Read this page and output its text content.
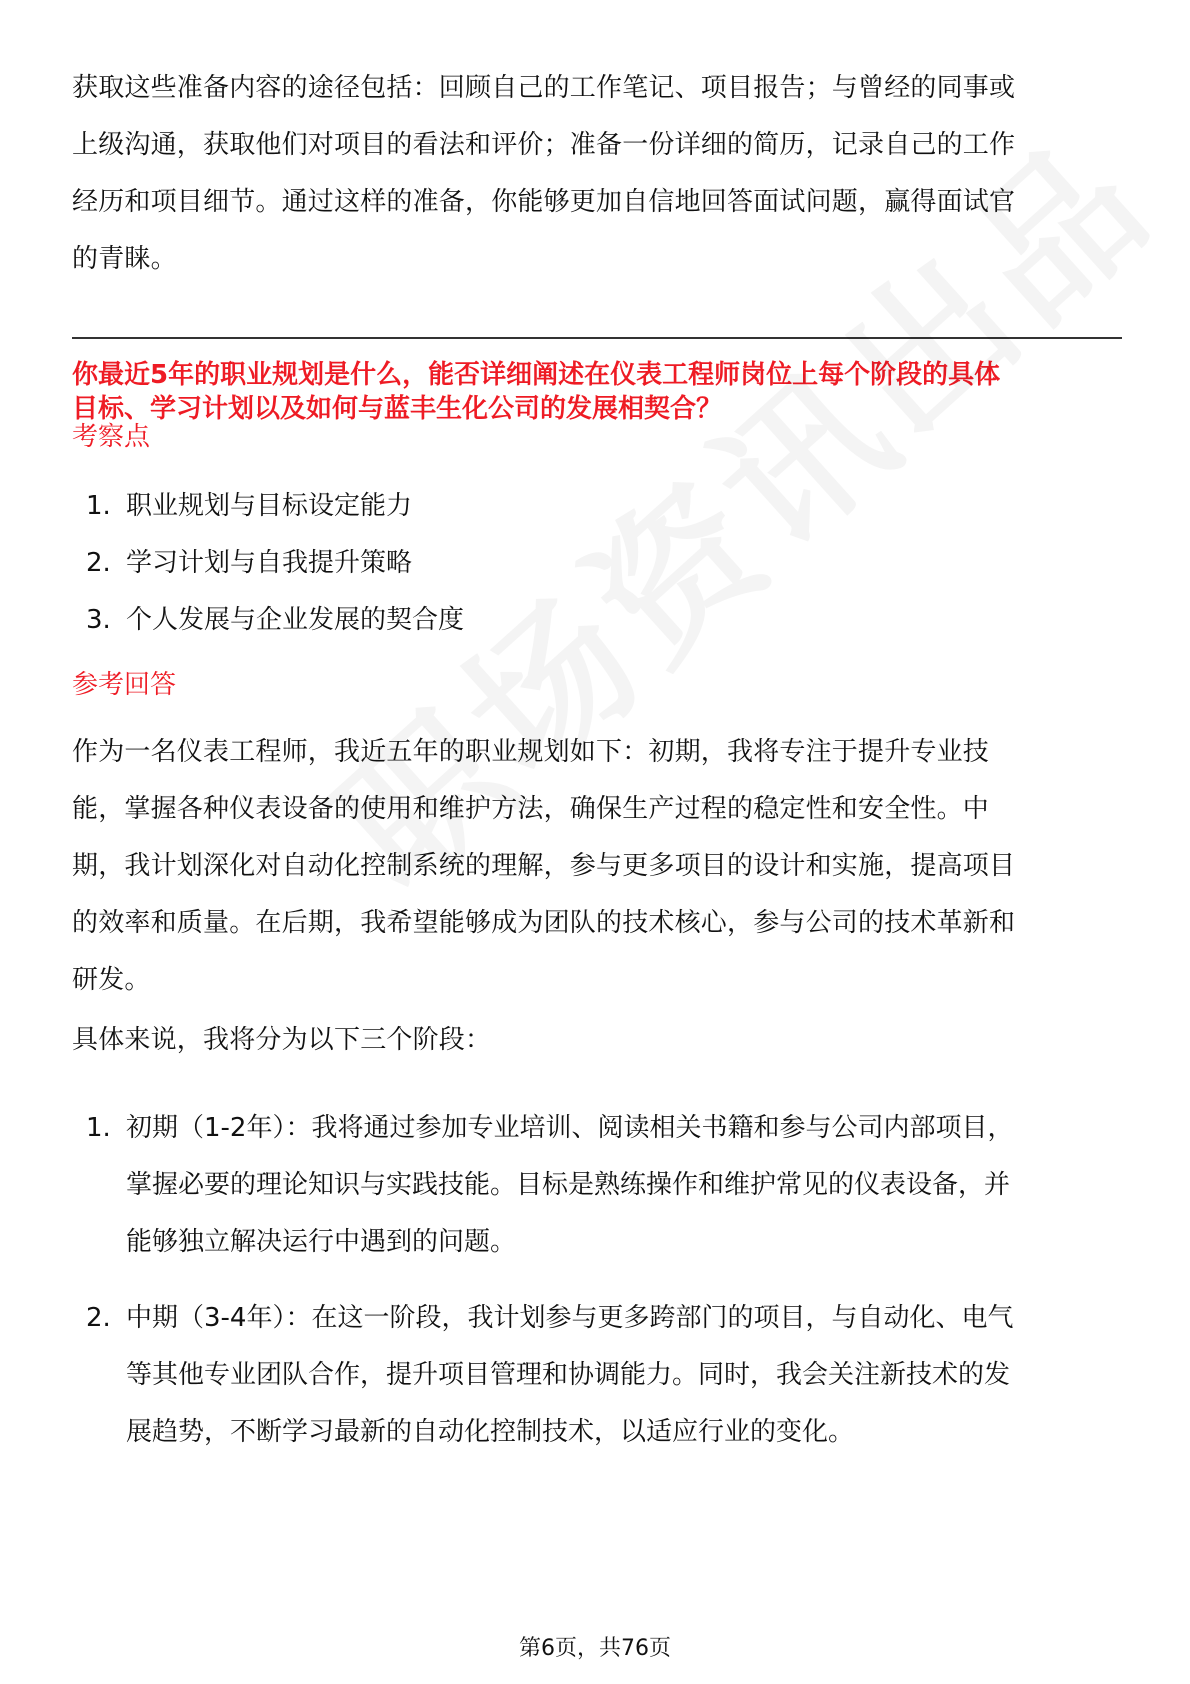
获取这些准备内容的途径包括：回顾自己的工作笔记、项目报告；与曾经的同事或

上级沟通，获取他们对项目的看法和评价；准备一份详细的简历，记录自己的工作

经历和项目细节。通过这样的准备，你能够更加自信地回答面试问题，赢得面试官

的青睐。

你最近5年的职业规划是什么，能否详细阐述在仪表工程师岗位上每个阶段的具体
目标、学习计划以及如何与蓝丰生化公司的发展相契合？
考察点
1. 职业规划与目标设定能力
2. 学习计划与自我提升策略
3. 个人发展与企业发展的契合度
参考回答

作为一名仪表工程师，我近五年的职业规划如下：初期，我将专注于提升专业技

能，掌握各种仪表设备的使用和维护方法，确保生产过程的稳定性和安全性。中

期，我计划深化对自动化控制系统的理解，参与更多项目的设计和实施，提高项目

的效率和质量。在后期，我希望能够成为团队的技术核心，参与公司的技术革新和

研发。

具体来说，我将分为以下三个阶段：

1. 初期（1-2年）：我将通过参加专业培训、阅读相关书籍和参与公司内部项目，
掌握必要的理论知识与实践技能。目标是熟练操作和维护常见的仪表设备，并
能够独立解决运行中遇到的问题。
2. 中期（3-4年）：在这一阶段，我计划参与更多跨部门的项目，与自动化、电气
等其他专业团队合作，提升项目管理和协调能力。同时，我会关注新技术的发
展趋势，不断学习最新的自动化控制技术，以适应行业的变化。
第6页，共76页
